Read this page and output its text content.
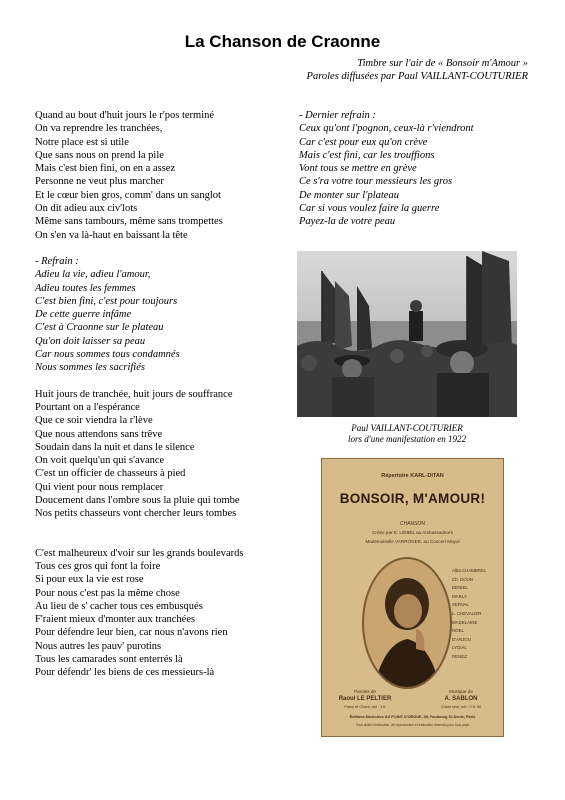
La Chanson de Craonne
Timbre sur l'air de « Bonsoir m'Amour »
Paroles diffusées par Paul VAILLANT-COUTURIER
Quand au bout d'huit jours le r'pos terminé
On va reprendre les tranchées,
Notre place est si utile
Que sans nous on prend la pile
Mais c'est bien fini, on en a assez
Personne ne veut plus marcher
Et le cœur bien gros, comm' dans un sanglot
On dit adieu aux civ'lots
Même sans tambours, même sans trompettes
On s'en va là-haut en baissant la tête
- Refrain :
Adieu la vie, adieu l'amour,
Adieu toutes les femmes
C'est bien fini, c'est pour toujours
De cette guerre infâme
C'est à Craonne sur le plateau
Qu'on doit laisser sa peau
Car nous sommes tous condamnés
Nous sommes les sacrifiés
Huit jours de tranchée, huit jours de souffrance
Pourtant on a l'espérance
Que ce soir viendra la r'lève
Que nous attendons sans trêve
Soudain dans la nuit et dans le silence
On voit quelqu'un qui s'avance
C'est un officier de chasseurs à pied
Qui vient pour nous remplacer
Doucement dans l'ombre sous la pluie qui tombe
Nos petits chasseurs vont chercher leurs tombes
C'est malheureux d'voir sur les grands boulevards
Tous ces gros qui font la foire
Si pour eux la vie est rose
Pour nous c'est pas la même chose
Au lieu de s' cacher tous ces embusqués
F'raient mieux d'monter aux tranchées
Pour défendre leur bien, car nous n'avons rien
Nous autres les pauv' purotins
Tous les camarades sont enterrés là
Pour défendr' les biens de ces messieurs-là
- Dernier refrain :
Ceux qu'ont l'pognon, ceux-là r'viendront
Car c'est pour eux qu'on crève
Mais c'est fini, car les trouffions
Vont tous se mettre en grève
Ce s'ra votre tour messieurs les gros
De monter sur l'plateau
Car si vous voulez faire la guerre
Payez-la de votre peau
Paul VAILLANT-COUTURIER
lors d'une manifestation en 1922
Répertoire KARL-DITAN
BONSOIR, M'AMOUR!
CHANSON
Créée par E. LIÉBEL au Ambassadeurs
Mademoiselle VARROGER, au Concert Mayol
Alba CHAMBREL
Ch. DOUN
DENIEL
MARLY
SERVAL
L. CHEVALIER
MADELAINE
NOEL
D'ANJOU
LYDIAL
RENEZ
Paroles de
Raoul LE PELTIER
Musique de
A. SABLON
Piano et Chant, net : 1 fr	Chant seul, net : 0 fr. 50
Éditions Musicales AU POINT D'ORGUE, 58, Faubourg St-Denis, Paris
Tous droits d'exécution, de reproduction et traduction réservés pour tous pays
